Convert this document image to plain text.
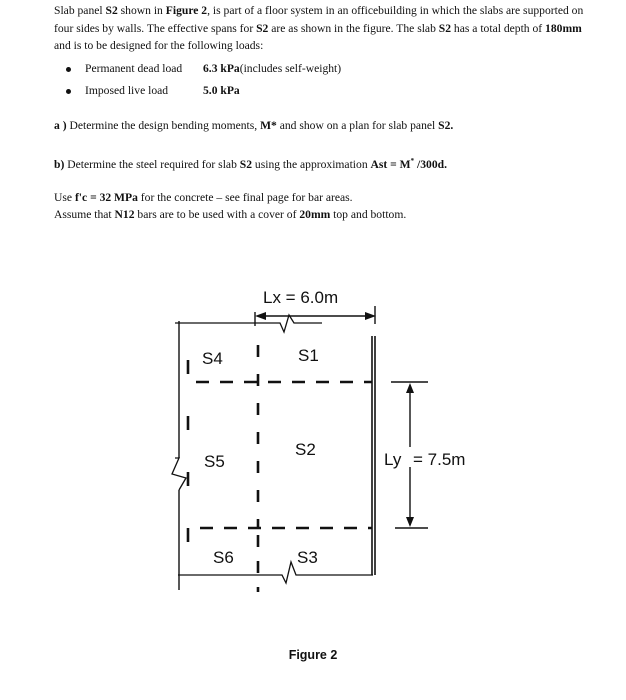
Slab panel S2 shown in Figure 2, is part of a floor system in an officebuilding in which the slabs are supported on four sides by walls. The effective spans for S2 are as shown in the figure. The slab S2 has a total depth of 180mm and is to be designed for the following loads:
Permanent dead load	6.3 kPa (includes self-weight)
Imposed live load	5.0 kPa
a ) Determine the design bending moments, M* and show on a plan for slab panel S2.
b) Determine the steel required for slab S2 using the approximation Ast = M* /300d.
Use f'c = 32 MPa for the concrete – see final page for bar areas.
Assume that N12 bars are to be used with a cover of 20mm top and bottom.
Lx = 6.0m
S1
S4
S2
S5	Ly = 7.5m
S6	S3
Figure 2
